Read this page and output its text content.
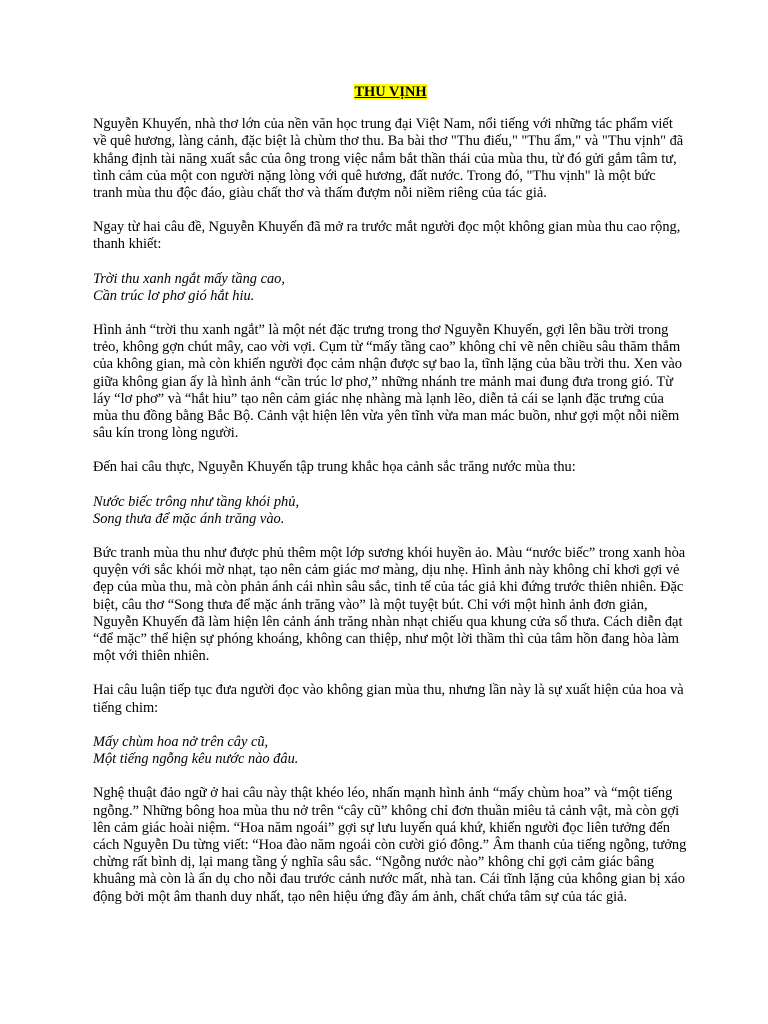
THU VỊNH

Nguyễn Khuyến, nhà thơ lớn của nền văn học trung đại Việt Nam, nổi tiếng với những tác phẩm viết về quê hương, làng cảnh, đặc biệt là chùm thơ thu. Ba bài thơ "Thu điếu," "Thu ẩm," và "Thu vịnh" đã khẳng định tài năng xuất sắc của ông trong việc nắm bắt thần thái của mùa thu, từ đó gửi gắm tâm tư, tình cảm của một con người nặng lòng với quê hương, đất nước. Trong đó, "Thu vịnh" là một bức tranh mùa thu độc đáo, giàu chất thơ và thấm đượm nỗi niềm riêng của tác giả.

Ngay từ hai câu đề, Nguyễn Khuyến đã mở ra trước mắt người đọc một không gian mùa thu cao rộng, thanh khiết:

Trời thu xanh ngắt mấy tầng cao,
Cần trúc lơ phơ gió hắt hiu.

Hình ảnh “trời thu xanh ngắt” là một nét đặc trưng trong thơ Nguyễn Khuyến, gợi lên bầu trời trong trẻo, không gợn chút mây, cao vời vợi. Cụm từ “mấy tầng cao” không chỉ vẽ nên chiều sâu thăm thẳm của không gian, mà còn khiến người đọc cảm nhận được sự bao la, tĩnh lặng của bầu trời thu. Xen vào giữa không gian ấy là hình ảnh “cần trúc lơ phơ,” những nhánh tre mảnh mai đung đưa trong gió. Từ láy “lơ phơ” và “hắt hiu” tạo nên cảm giác nhẹ nhàng mà lạnh lẽo, diễn tả cái se lạnh đặc trưng của mùa thu đồng bằng Bắc Bộ. Cảnh vật hiện lên vừa yên tĩnh vừa man mác buồn, như gợi một nỗi niềm sâu kín trong lòng người.

Đến hai câu thực, Nguyễn Khuyến tập trung khắc họa cảnh sắc trăng nước mùa thu:

Nước biếc trông như tầng khói phủ,
Song thưa để mặc ánh trăng vào.

Bức tranh mùa thu như được phủ thêm một lớp sương khói huyền ảo. Màu “nước biếc” trong xanh hòa quyện với sắc khói mờ nhạt, tạo nên cảm giác mơ màng, dịu nhẹ. Hình ảnh này không chỉ khơi gợi vẻ đẹp của mùa thu, mà còn phản ánh cái nhìn sâu sắc, tinh tế của tác giả khi đứng trước thiên nhiên. Đặc biệt, câu thơ “Song thưa để mặc ánh trăng vào” là một tuyệt bút. Chỉ với một hình ảnh đơn giản, Nguyễn Khuyến đã làm hiện lên cảnh ánh trăng nhàn nhạt chiếu qua khung cửa sổ thưa. Cách diễn đạt “để mặc” thể hiện sự phóng khoáng, không can thiệp, như một lời thầm thì của tâm hồn đang hòa làm một với thiên nhiên.

Hai câu luận tiếp tục đưa người đọc vào không gian mùa thu, nhưng lần này là sự xuất hiện của hoa và tiếng chim:

Mấy chùm hoa nở trên cây cũ,
Một tiếng ngỗng kêu nước nào đâu.

Nghệ thuật đảo ngữ ở hai câu này thật khéo léo, nhấn mạnh hình ảnh “mấy chùm hoa” và “một tiếng ngỗng.” Những bông hoa mùa thu nở trên “cây cũ” không chỉ đơn thuần miêu tả cảnh vật, mà còn gợi lên cảm giác hoài niệm. “Hoa năm ngoái” gợi sự lưu luyến quá khứ, khiến người đọc liên tưởng đến cách Nguyễn Du từng viết: “Hoa đào năm ngoái còn cười gió đông.” Âm thanh của tiếng ngỗng, tưởng chừng rất bình dị, lại mang tầng ý nghĩa sâu sắc. “Ngỗng nước nào” không chỉ gợi cảm giác bâng khuâng mà còn là ẩn dụ cho nỗi đau trước cảnh nước mất, nhà tan. Cái tĩnh lặng của không gian bị xáo động bởi một âm thanh duy nhất, tạo nên hiệu ứng đầy ám ảnh, chất chứa tâm sự của tác giả.
